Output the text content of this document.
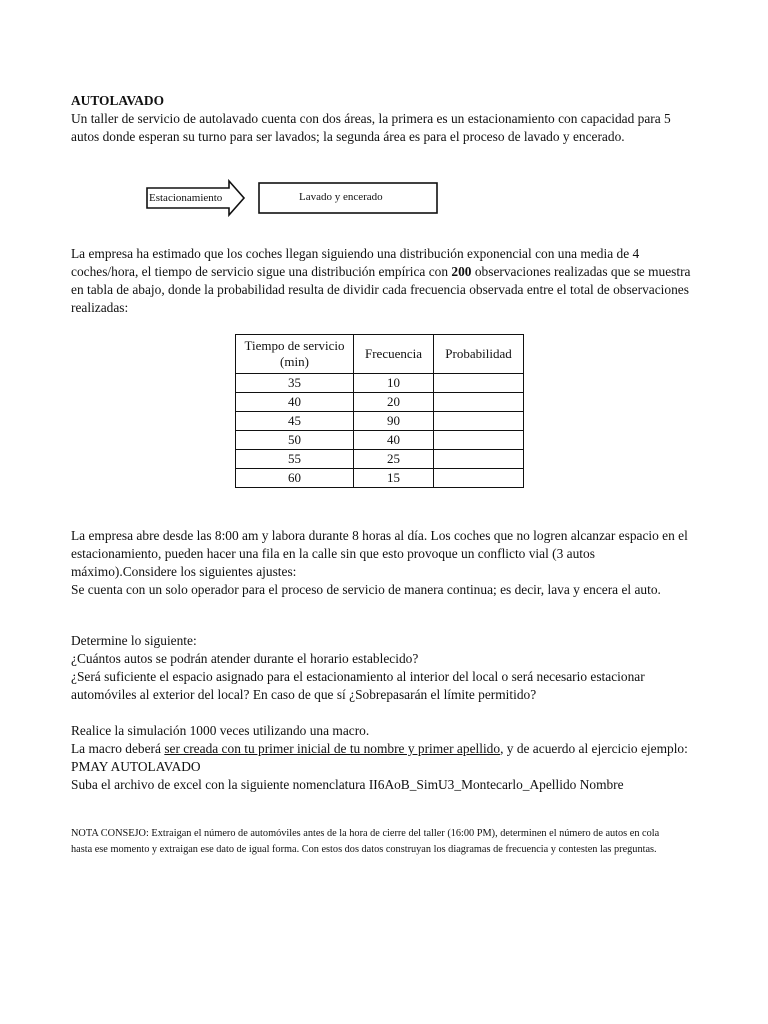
AUTOLAVADO
Un taller de servicio de autolavado cuenta con dos áreas, la primera es un estacionamiento con capacidad para 5 autos donde esperan su turno para ser lavados; la segunda área es para el proceso de lavado y encerado.

Estacionamiento	Lavado y encerado

La empresa ha estimado que los coches llegan siguiendo una distribución exponencial con una media de 4 coches/hora, el tiempo de servicio sigue una distribución empírica con 200 observaciones realizadas que se muestra en tabla de abajo, donde la probabilidad resulta de dividir cada frecuencia observada entre el total de observaciones realizadas:

Tiempo de servicio (min)	Frecuencia	Probabilidad
35	10	
40	20	
45	90	
50	40	
55	25	
60	15	

La empresa abre desde las 8:00 am y labora durante 8 horas al día. Los coches que no logren alcanzar espacio en el estacionamiento, pueden hacer una fila en la calle sin que esto provoque un conflicto vial (3 autos máximo).Considere los siguientes ajustes:
Se cuenta con un solo operador para el proceso de servicio de manera continua; es decir, lava y encera el auto.

Determine lo siguiente:
¿Cuántos autos se podrán atender durante el horario establecido?
¿Será suficiente el espacio asignado para el estacionamiento al interior del local o será necesario estacionar automóviles al exterior del local? En caso de que sí ¿Sobrepasarán el límite permitido?

Realice la simulación 1000 veces utilizando una macro.
La macro deberá ser creada con tu primer inicial de tu nombre y primer apellido, y de acuerdo al ejercicio ejemplo: PMAY AUTOLAVADO
Suba el archivo de excel con la siguiente nomenclatura II6AoB_SimU3_Montecarlo_Apellido Nombre

NOTA CONSEJO: Extraigan el número de automóviles antes de la hora de cierre del taller (16:00 PM), determinen el número de autos en cola hasta ese momento y extraigan ese dato de igual forma. Con estos dos datos construyan los diagramas de frecuencia y contesten las preguntas.
